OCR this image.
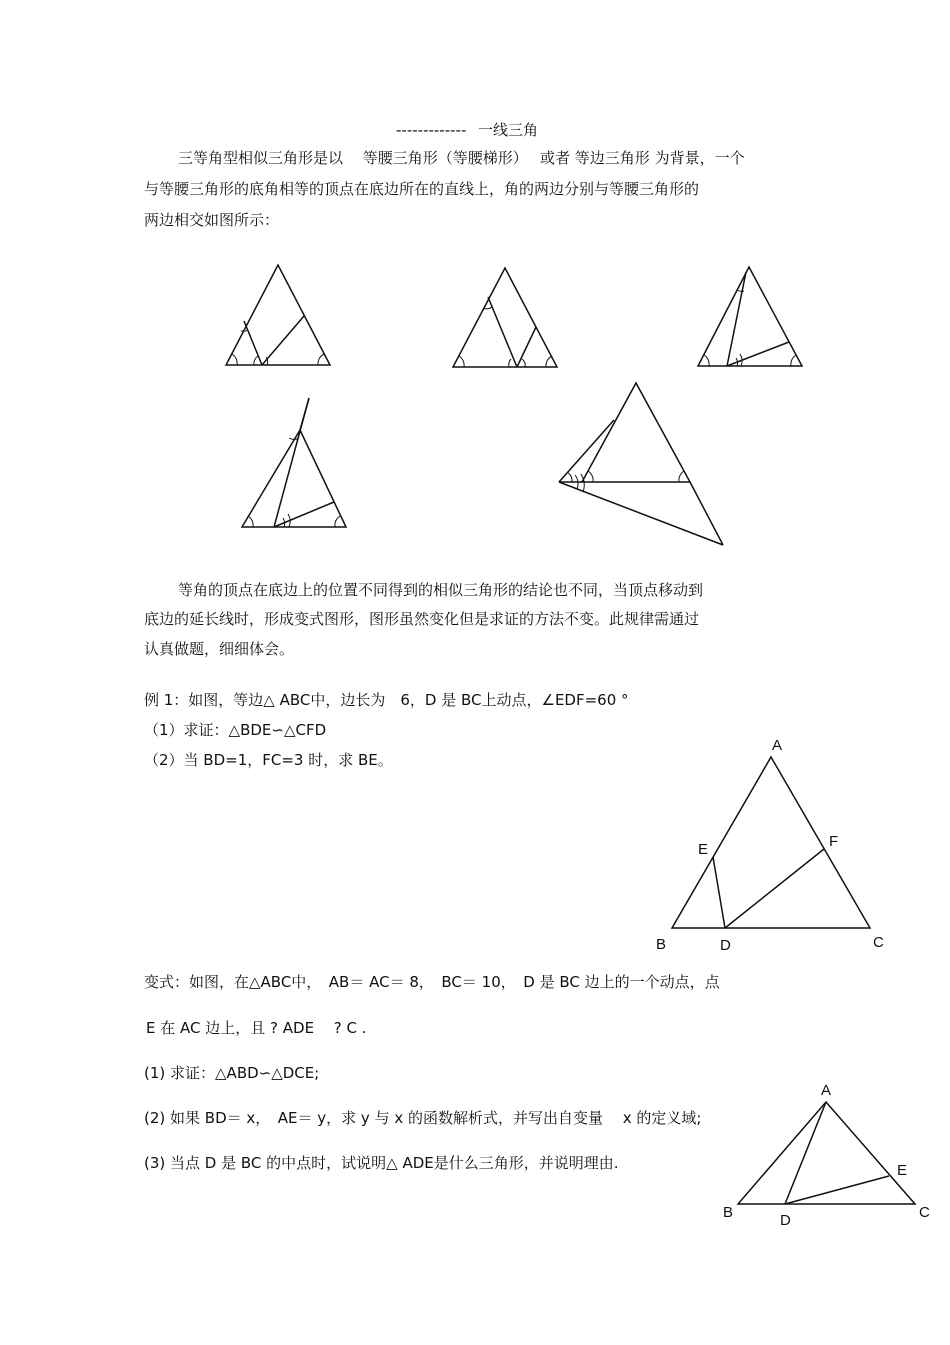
------------- 一线三角
三等角型相似三角形是以　 等腰三角形（等腰梯形）　 或者 等边三角形 为背景，一个
与等腰三角形的底角相等的顶点在底边所在的直线上，角的两边分别与等腰三角形的
两边相交如图所示：
等角的顶点在底边上的位置不同得到的相似三角形的结论也不同，当顶点移动到
底边的延长线时，形成变式图形，图形虽然变化但是求证的方法不变。此规律需通过
认真做题，细细体会。
例 1：如图，等边△ ABC中，边长为　6，D 是 BC上动点，∠EDF=60 °
（1）求证：△BDE∽△CFD
（2）当 BD=1，FC=3 时，求 BE。
A
E	F
B	D	C
变式：如图，在△ABC中，　AB＝ AC＝ 8，　BC＝ 10，　D 是 BC 边上的一个动点，点
E 在 AC 边上，且 ? ADE　 ? C .
(1) 求证：△ABD∽△DCE;
(2) 如果 BD＝ x，　AE＝ y，求 y 与 x 的函数解析式，并写出自变量　 x 的定义域;
(3) 当点 D 是 BC 的中点时，试说明△ ADE是什么三角形，并说明理由.
A
E
B	D	C
